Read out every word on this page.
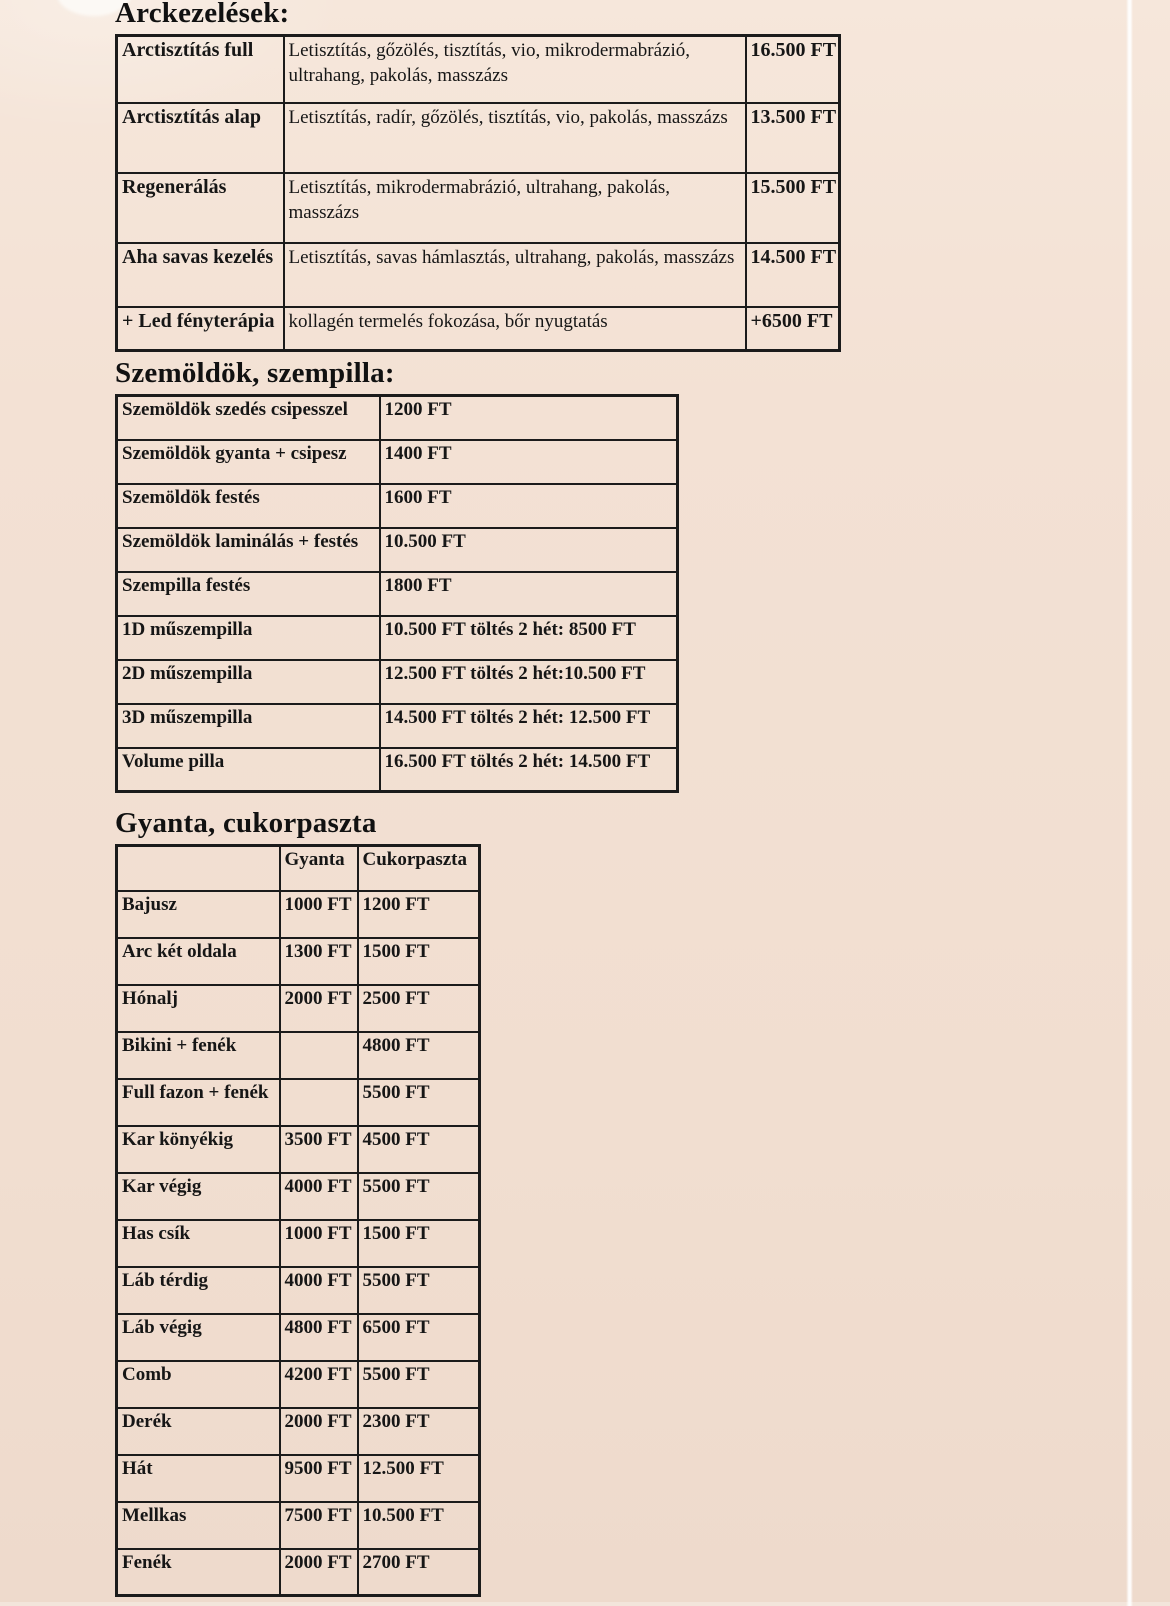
Arckezelések:
Arctisztítás full	Letisztítás, gőzölés, tisztítás, vio, mikrodermabrázió, ultrahang, pakolás, masszázs	16.500 FT
Arctisztítás alap	Letisztítás, radír, gőzölés, tisztítás, vio, pakolás, masszázs	13.500 FT
Regenerálás	Letisztítás, mikrodermabrázió, ultrahang, pakolás, masszázs	15.500 FT
Aha savas kezelés	Letisztítás, savas hámlasztás, ultrahang, pakolás, masszázs	14.500 FT
+ Led fényterápia	kollagén termelés fokozása, bőr nyugtatás	+6500 FT
Szemöldök, szempilla:
Szemöldök szedés csipesszel	1200 FT
Szemöldök gyanta + csipesz	1400 FT
Szemöldök festés	1600 FT
Szemöldök laminálás + festés	10.500 FT
Szempilla festés	1800 FT
1D műszempilla	10.500 FT töltés 2 hét: 8500 FT
2D műszempilla	12.500 FT töltés 2 hét:10.500 FT
3D műszempilla	14.500 FT töltés 2 hét: 12.500 FT
Volume pilla	16.500 FT töltés 2 hét: 14.500 FT
Gyanta, cukorpaszta
	Gyanta	Cukorpaszta
Bajusz	1000 FT	1200 FT
Arc két oldala	1300 FT	1500 FT
Hónalj	2000 FT	2500 FT
Bikini + fenék		4800 FT
Full fazon + fenék		5500 FT
Kar könyékig	3500 FT	4500 FT
Kar végig	4000 FT	5500 FT
Has csík	1000 FT	1500 FT
Láb térdig	4000 FT	5500 FT
Láb végig	4800 FT	6500 FT
Comb	4200 FT	5500 FT
Derék	2000 FT	2300 FT
Hát	9500 FT	12.500 FT
Mellkas	7500 FT	10.500 FT
Fenék	2000 FT	2700 FT
